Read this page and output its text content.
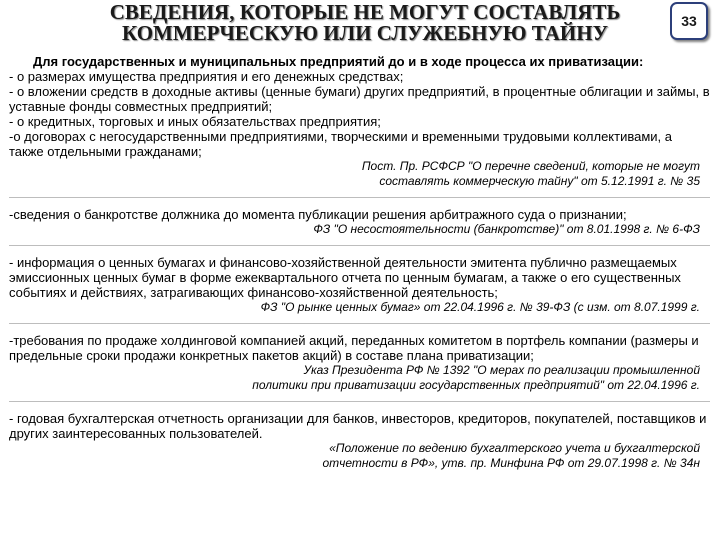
СВЕДЕНИЯ, КОТОРЫЕ НЕ МОГУТ СОСТАВЛЯТЬ
КОММЕРЧЕСКУЮ ИЛИ СЛУЖЕБНУЮ ТАЙНУ	33

Для государственных и муниципальных предприятий до и в ходе процесса их приватизации:

- о размерах имущества предприятия и его денежных средствах;

- о вложении средств в доходные активы (ценные бумаги) других предприятий, в процентные облигации и займы, в уставные фонды совместных предприятий;

- о кредитных, торговых и иных обязательствах предприятия;

-о договорах с негосударственными предприятиями, творческими и временными трудовыми коллективами, а также отдельными гражданами;

Пост. Пр. РСФСР "О перечне сведений, которые не могут
составлять коммерческую тайну" от 5.12.1991 г. № 35

-сведения о банкротстве должника до момента публикации решения арбитражного суда о признании;

ФЗ "О несостоятельности (банкротстве)" от 8.01.1998 г. № 6-ФЗ

- информация о ценных бумагах и финансово-хозяйственной деятельности эмитента публично размещаемых эмиссионных ценных бумаг в форме ежеквартального отчета по ценным бумагам, а также о его существенных событиях и действиях, затрагивающих финансово-хозяйственной деятельность;

ФЗ "О рынке ценных бумаг» от 22.04.1996 г. № 39-ФЗ (с изм. от 8.07.1999 г.

-требования по продаже холдинговой компанией акций, переданных комитетом в портфель компании (размеры и предельные сроки продажи конкретных пакетов акций) в составе плана приватизации;

Указ Президента РФ № 1392 "О мерах по реализации промышленной
политики при приватизации государственных предприятий" от 22.04.1996 г.

- годовая бухгалтерская отчетность организации для банков, инвесторов, кредиторов, покупателей, поставщиков и других заинтересованных пользователей.

«Положение по ведению бухгалтерского учета и бухгалтерской
отчетности в РФ», утв. пр. Минфина РФ от 29.07.1998 г. № 34н
